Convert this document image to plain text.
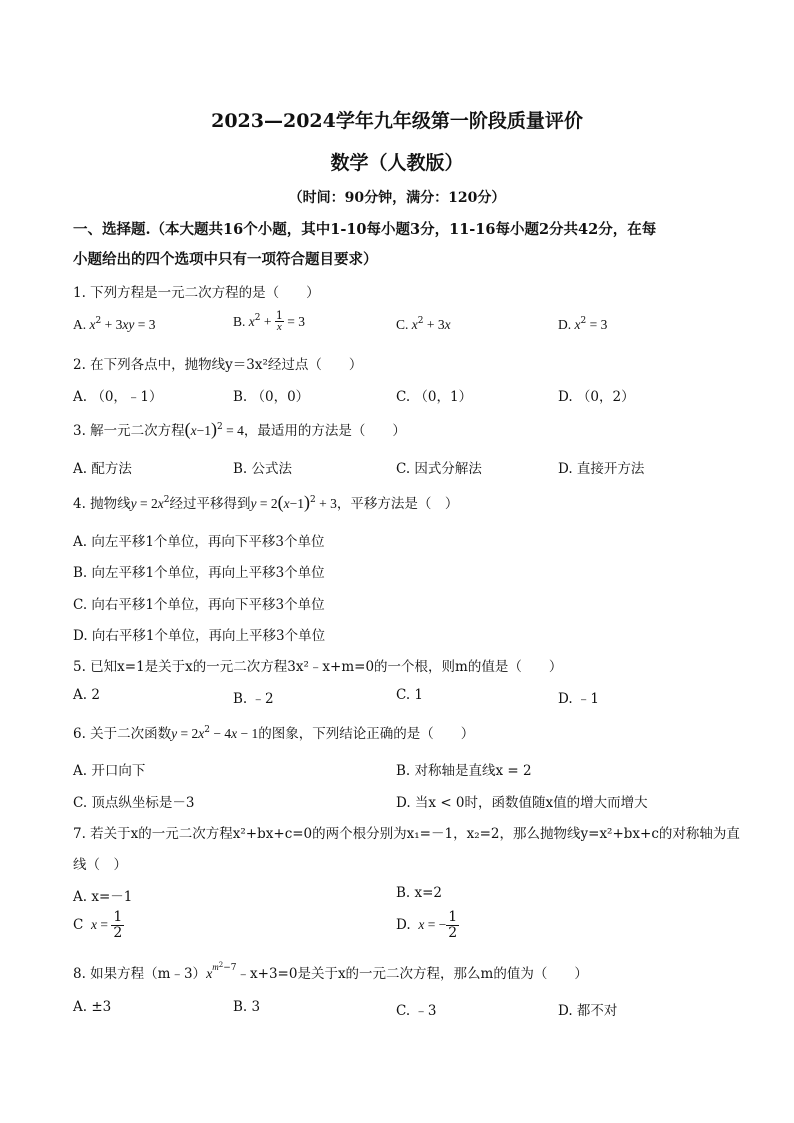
2023—2024学年九年级第一阶段质量评价
数学（人教版）
（时间：90分钟，满分：120分）
一、选择题.（本大题共16个小题，其中1-10每小题3分，11-16每小题2分共42分，在每
小题给出的四个选项中只有一项符合题目要求）
1. 下列方程是一元二次方程的是（　　）
A. $x^2 + 3xy = 3$	B. $x^2 + \frac{1}{x} = 3$	C. $x^2 + 3x$	D. $x^2 = 3$
2. 在下列各点中，抛物线y＝3x²经过点（　　）
A. （0，﹣1）	B. （0，0）	C. （0，1）	D. （0，2）
3. 解一元二次方程$(x-1)^2 = 4$，最适用的方法是（　　）
A. 配方法	B. 公式法	C. 因式分解法	D. 直接开方法
4. 抛物线$y = 2x^2$经过平移得到$y = 2(x-1)^2 + 3$，平移方法是（　）
A. 向左平移1个单位，再向下平移3个单位
B. 向左平移1个单位，再向上平移3个单位
C. 向右平移1个单位，再向下平移3个单位
D. 向右平移1个单位，再向上平移3个单位
5. 已知x=1是关于x的一元二次方程3x²﹣x+m=0的一个根，则m的值是（　　）
A. 2	B. ﹣2	C. 1	D. ﹣1
6. 关于二次函数$y = 2x^2 - 4x - 1$的图象，下列结论正确的是（　　）
A. 开口向下	B. 对称轴是直线x = 2
C. 顶点纵坐标是－3	D. 当x < 0时，函数值随x值的增大而增大
7. 若关于x的一元二次方程x²+bx+c=0的两个根分别为x₁=－1，x₂=2，那么抛物线y=x²+bx+c的对称轴为直
线（　）
A. x=－1	B. x=2
C  $x = \frac{1}{2}$	D.  x = − $\frac{1}{2}$
8. 如果方程$(m﹣3)x^{m2-7}﹣x+3=0$是关于x的一元二次方程，那么m的值为（　　）
A. ±3	B. 3	C. ﹣3	D. 都不对
